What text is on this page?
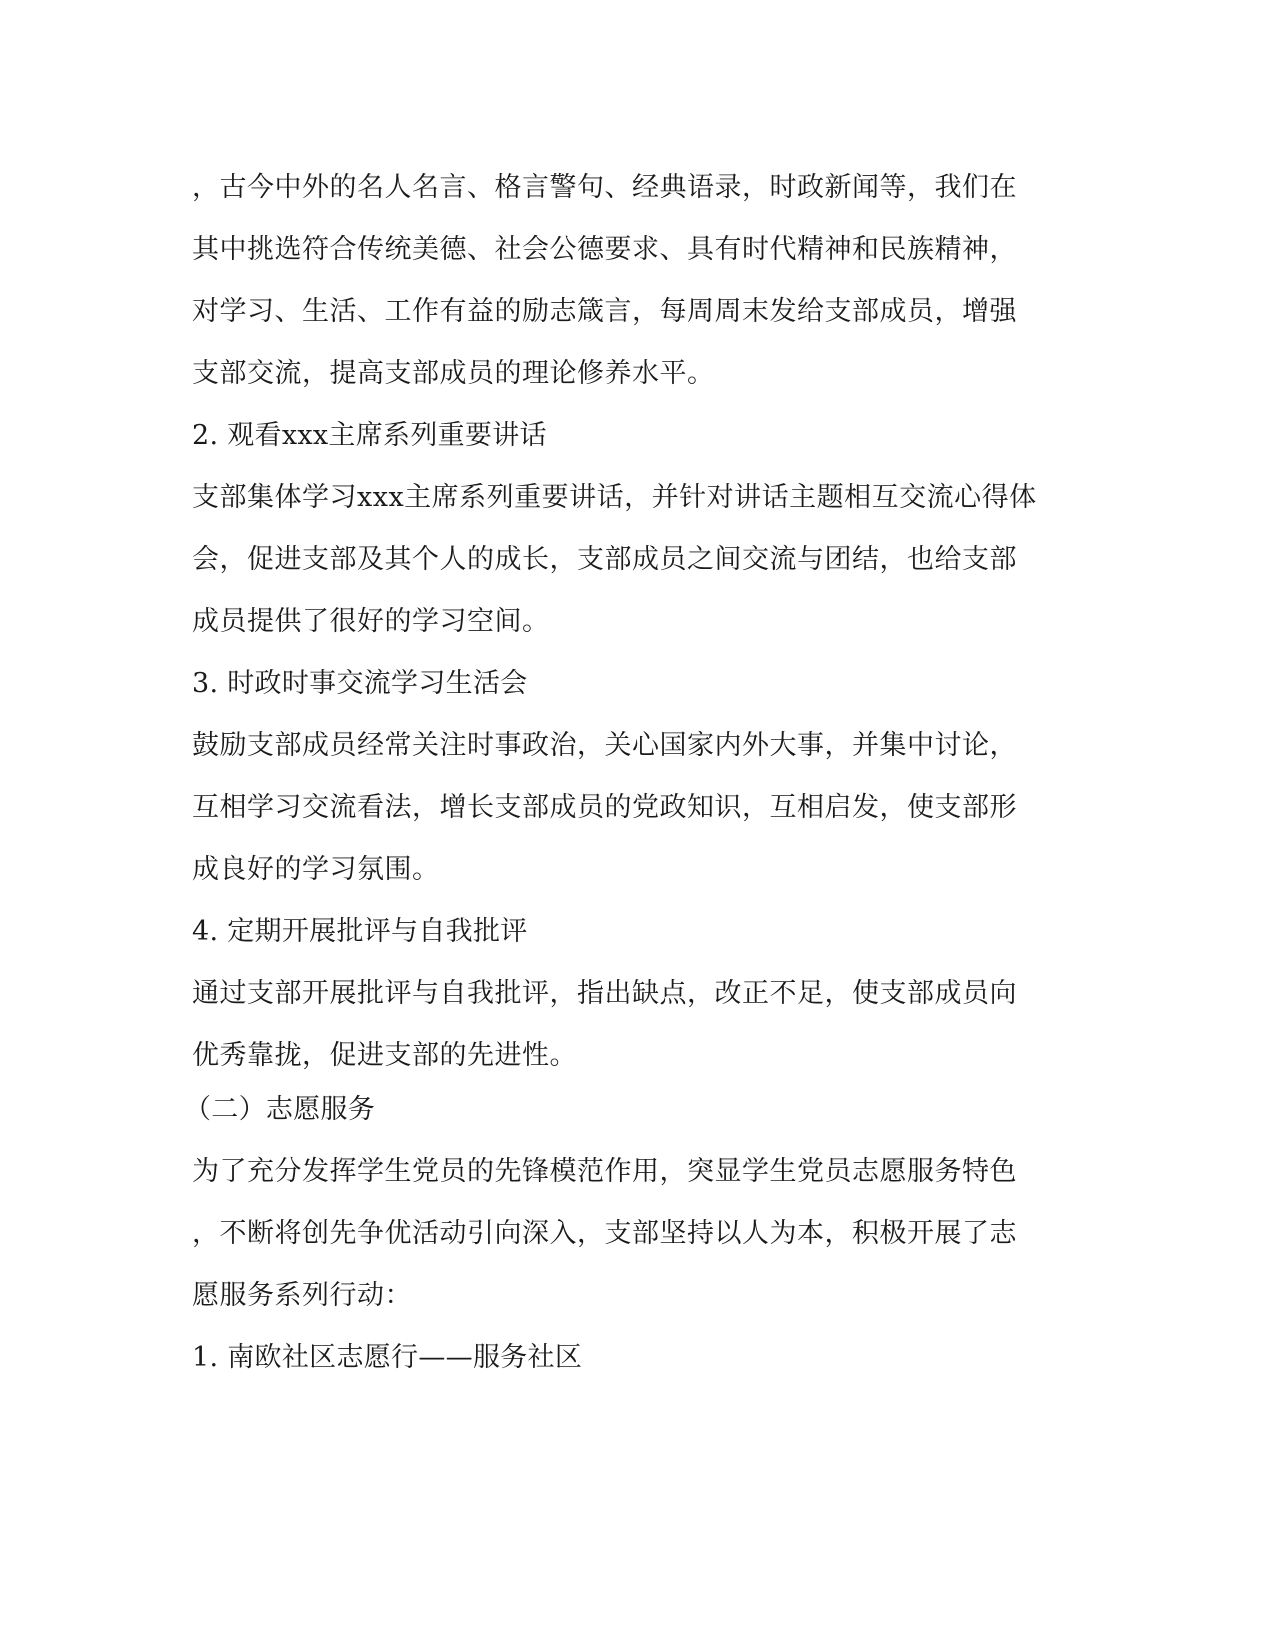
，古今中外的名人名言、格言警句、经典语录，时政新闻等，我们在
其中挑选符合传统美德、社会公德要求、具有时代精神和民族精神，
对学习、生活、工作有益的励志箴言，每周周末发给支部成员，增强
支部交流，提高支部成员的理论修养水平。
2. 观看xxx主席系列重要讲话
支部集体学习xxx主席系列重要讲话，并针对讲话主题相互交流心得体
会，促进支部及其个人的成长，支部成员之间交流与团结，也给支部
成员提供了很好的学习空间。
3. 时政时事交流学习生活会
鼓励支部成员经常关注时事政治，关心国家内外大事，并集中讨论，
互相学习交流看法，增长支部成员的党政知识，互相启发，使支部形
成良好的学习氛围。
4. 定期开展批评与自我批评
通过支部开展批评与自我批评，指出缺点，改正不足，使支部成员向
优秀靠拢，促进支部的先进性。
（二）志愿服务
为了充分发挥学生党员的先锋模范作用，突显学生党员志愿服务特色
，不断将创先争优活动引向深入，支部坚持以人为本，积极开展了志
愿服务系列行动：
1. 南欧社区志愿行——服务社区
